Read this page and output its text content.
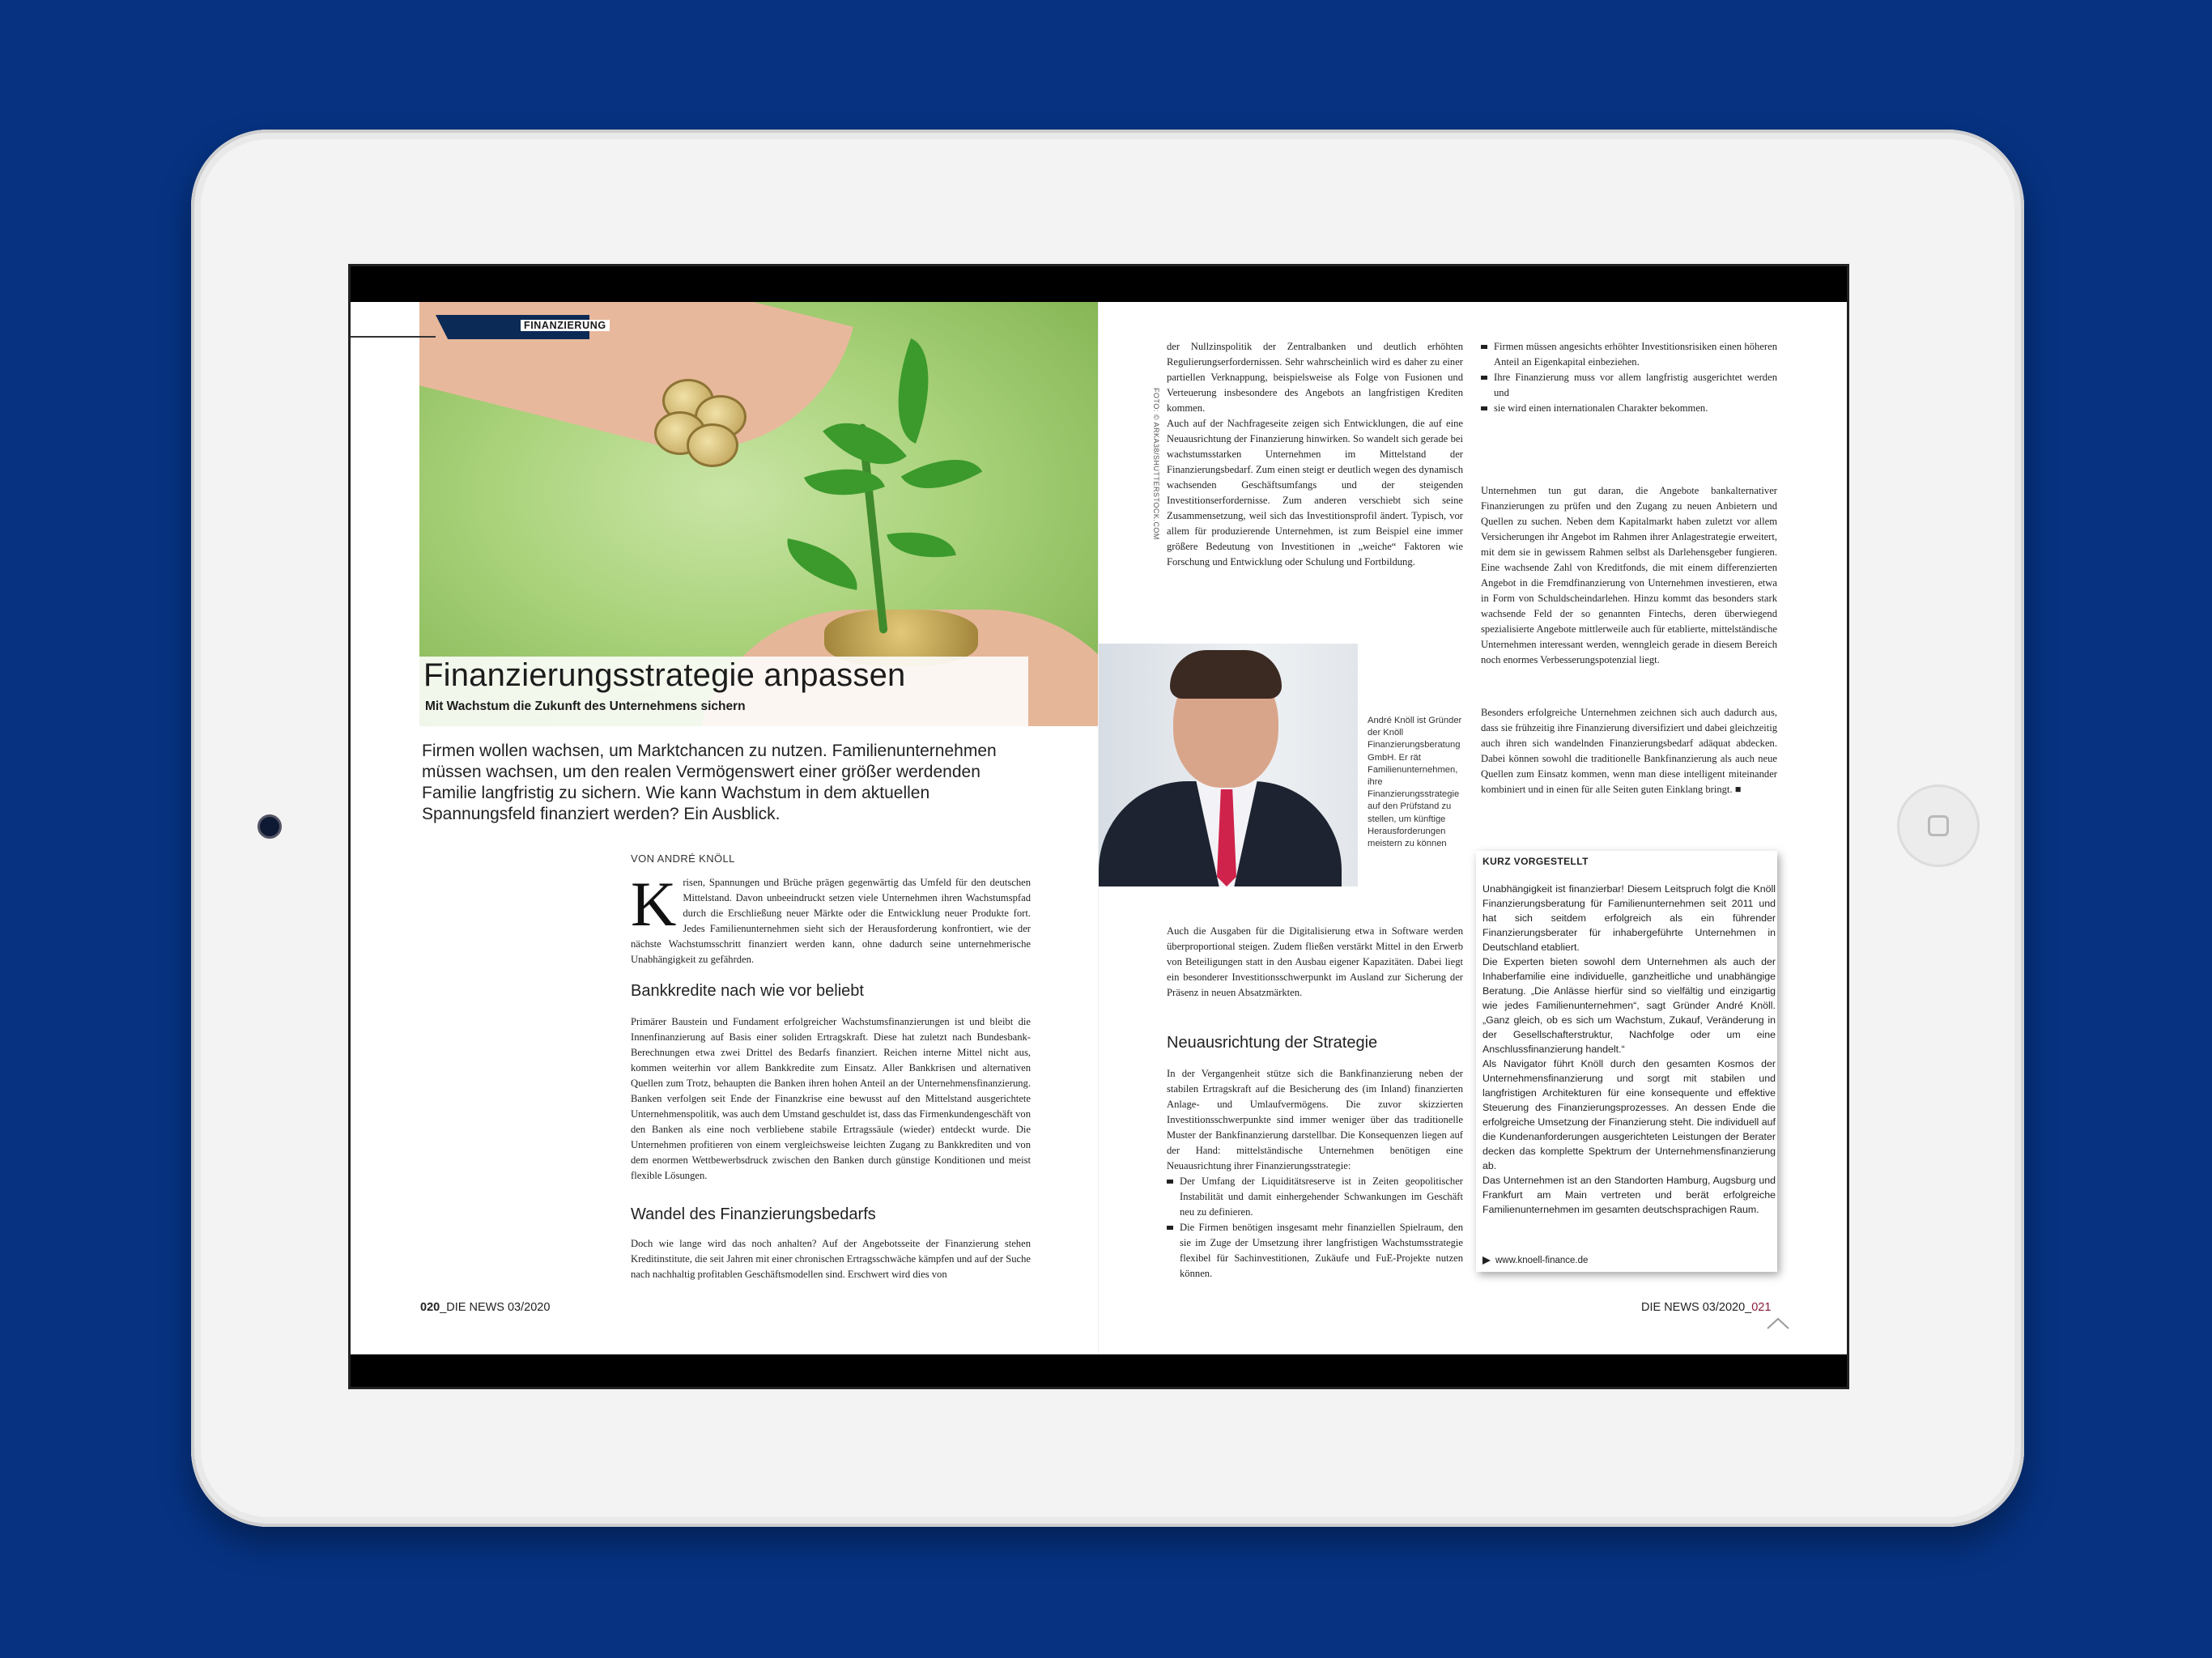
FOTO: © ARKA38/SHUTTERSTOCK.COM
FINANZIERUNG
Finanzierungsstrategie anpassen
Mit Wachstum die Zukunft des Unternehmens sichern
Firmen wollen wachsen, um Marktchancen zu nutzen. Familienunternehmen müssen wachsen, um den realen Vermögenswert einer größer werdenden Familie langfristig zu sichern. Wie kann Wachstum in dem aktuellen Spannungsfeld finanziert werden? Ein Ausblick.
VON ANDRÉ KNÖLL
Krisen, Spannungen und Brüche prägen gegenwärtig das Umfeld für den deutschen Mittelstand. Davon unbeeindruckt setzen viele Unternehmen ihren Wachstumspfad durch die Erschließung neuer Märkte oder die Entwicklung neuer Produkte fort. Jedes Familienunternehmen sieht sich der Herausforderung konfrontiert, wie der nächste Wachstumsschritt finanziert werden kann, ohne dadurch seine unternehmerische Unabhängigkeit zu gefährden.
Bankkredite nach wie vor beliebt
Primärer Baustein und Fundament erfolgreicher Wachstumsfinanzierungen ist und bleibt die Innenfinanzierung auf Basis einer soliden Ertragskraft. Diese hat zuletzt nach Bundesbank-Berechnungen etwa zwei Drittel des Bedarfs finanziert. Reichen interne Mittel nicht aus, kommen weiterhin vor allem Bankkredite zum Einsatz. Aller Bankkrisen und alternativen Quellen zum Trotz, behaupten die Banken ihren hohen Anteil an der Unternehmensfinanzierung. Banken verfolgen seit Ende der Finanzkrise eine bewusst auf den Mittelstand ausgerichtete Unternehmenspolitik, was auch dem Umstand geschuldet ist, dass das Firmenkundengeschäft von den Banken als eine noch verbliebene stabile Ertragssäule (wieder) entdeckt wurde. Die Unternehmen profitieren von einem vergleichsweise leichten Zugang zu Bankkrediten und von dem enormen Wettbewerbsdruck zwischen den Banken durch günstige Konditionen und meist flexible Lösungen.
Wandel des Finanzierungsbedarfs
Doch wie lange wird das noch anhalten? Auf der Angebotsseite der Finanzierung stehen Kreditinstitute, die seit Jahren mit einer chronischen Ertragsschwäche kämpfen und auf der Suche nach nachhaltig profitablen Geschäftsmodellen sind. Erschwert wird dies von
der Nullzinspolitik der Zentralbanken und deutlich erhöhten Regulierungserfordernissen. Sehr wahrscheinlich wird es daher zu einer partiellen Verknappung, beispielsweise als Folge von Fusionen und Verteuerung insbesondere des Angebots an langfristigen Krediten kommen.
Auch auf der Nachfrageseite zeigen sich Entwicklungen, die auf eine Neuausrichtung der Finanzierung hinwirken. So wandelt sich gerade bei wachstumsstarken Unternehmen im Mittelstand der Finanzierungsbedarf. Zum einen steigt er deutlich wegen des dynamisch wachsenden Geschäftsumfangs und der steigenden Investitionserfordernisse. Zum anderen verschiebt sich seine Zusammensetzung, weil sich das Investitionsprofil ändert. Typisch, vor allem für produzierende Unternehmen, ist zum Beispiel eine immer größere Bedeutung von Investitionen in „weiche“ Faktoren wie Forschung und Entwicklung oder Schulung und Fortbildung.
André Knöll ist Gründer der Knöll Finanzierungsberatung GmbH. Er rät Familienunternehmen, ihre Finanzierungsstrategie auf den Prüfstand zu stellen, um künftige Herausforderungen meistern zu können
Auch die Ausgaben für die Digitalisierung etwa in Software werden überproportional steigen. Zudem fließen verstärkt Mittel in den Erwerb von Beteiligungen statt in den Ausbau eigener Kapazitäten. Dabei liegt ein besonderer Investitionsschwerpunkt im Ausland zur Sicherung der Präsenz in neuen Absatzmärkten.
Neuausrichtung der Strategie
In der Vergangenheit stütze sich die Bankfinanzierung neben der stabilen Ertragskraft auf die Besicherung des (im Inland) finanzierten Anlage- und Umlaufvermögens. Die zuvor skizzierten Investitionsschwerpunkte sind immer weniger über das traditionelle Muster der Bankfinanzierung darstellbar. Die Konsequenzen liegen auf der Hand: mittelständische Unternehmen benötigen eine Neuausrichtung ihrer Finanzierungsstrategie:
Der Umfang der Liquiditätsreserve ist in Zeiten geopolitischer Instabilität und damit einhergehender Schwankungen im Geschäft neu zu definieren.
Die Firmen benötigen insgesamt mehr finanziellen Spielraum, den sie im Zuge der Umsetzung ihrer langfristigen Wachstumsstrategie flexibel für Sachinvestitionen, Zukäufe und FuE-Projekte nutzen können.
Firmen müssen angesichts erhöhter Investitionsrisiken einen höheren Anteil an Eigenkapital einbeziehen.
Ihre Finanzierung muss vor allem langfristig ausgerichtet werden und
sie wird einen internationalen Charakter bekommen.
Unternehmen tun gut daran, die Angebote bankalternativer Finanzierungen zu prüfen und den Zugang zu neuen Anbietern und Quellen zu suchen. Neben dem Kapitalmarkt haben zuletzt vor allem Versicherungen ihr Angebot im Rahmen ihrer Anlagestrategie erweitert, mit dem sie in gewissem Rahmen selbst als Darlehensgeber fungieren. Eine wachsende Zahl von Kreditfonds, die mit einem differenzierten Angebot in die Fremdfinanzierung von Unternehmen investieren, etwa in Form von Schuldscheindarlehen. Hinzu kommt das besonders stark wachsende Feld der so genannten Fintechs, deren überwiegend spezialisierte Angebote mittlerweile auch für etablierte, mittelständische Unternehmen interessant werden, wenngleich gerade in diesem Bereich noch enormes Verbesserungspotenzial liegt.
Besonders erfolgreiche Unternehmen zeichnen sich auch dadurch aus, dass sie frühzeitig ihre Finanzierung diversifiziert und dabei gleichzeitig auch ihren sich wandelnden Finanzierungsbedarf adäquat abdecken. Dabei können sowohl die traditionelle Bankfinanzierung als auch neue Quellen zum Einsatz kommen, wenn man diese intelligent miteinander kombiniert und in einen für alle Seiten guten Einklang bringt. ■
KURZ VORGESTELLT
Unabhängigkeit ist finanzierbar! Diesem Leitspruch folgt die Knöll Finanzierungsberatung für Familienunternehmen seit 2011 und hat sich seitdem erfolgreich als ein führender Finanzierungsberater für inhabergeführte Unternehmen in Deutschland etabliert.
Die Experten bieten sowohl dem Unternehmen als auch der Inhaberfamilie eine individuelle, ganzheitliche und unabhängige Beratung. „Die Anlässe hierfür sind so vielfältig und einzigartig wie jedes Familienunternehmen“, sagt Gründer André Knöll. „Ganz gleich, ob es sich um Wachstum, Zukauf, Veränderung in der Gesellschafterstruktur, Nachfolge oder um eine Anschlussfinanzierung handelt.“
Als Navigator führt Knöll durch den gesamten Kosmos der Unternehmensfinanzierung und sorgt mit stabilen und langfristigen Architekturen für eine konsequente und effektive Steuerung des Finanzierungsprozesses. An dessen Ende die erfolgreiche Umsetzung der Finanzierung steht. Die individuell auf die Kundenanforderungen ausgerichteten Leistungen der Berater decken das komplette Spektrum der Unternehmensfinanzierung ab.
Das Unternehmen ist an den Standorten Hamburg, Augsburg und Frankfurt am Main vertreten und berät erfolgreiche Familienunternehmen im gesamten deutschsprachigen Raum.
www.knoell-finance.de
020_DIE NEWS 03/2020	DIE NEWS 03/2020_021
